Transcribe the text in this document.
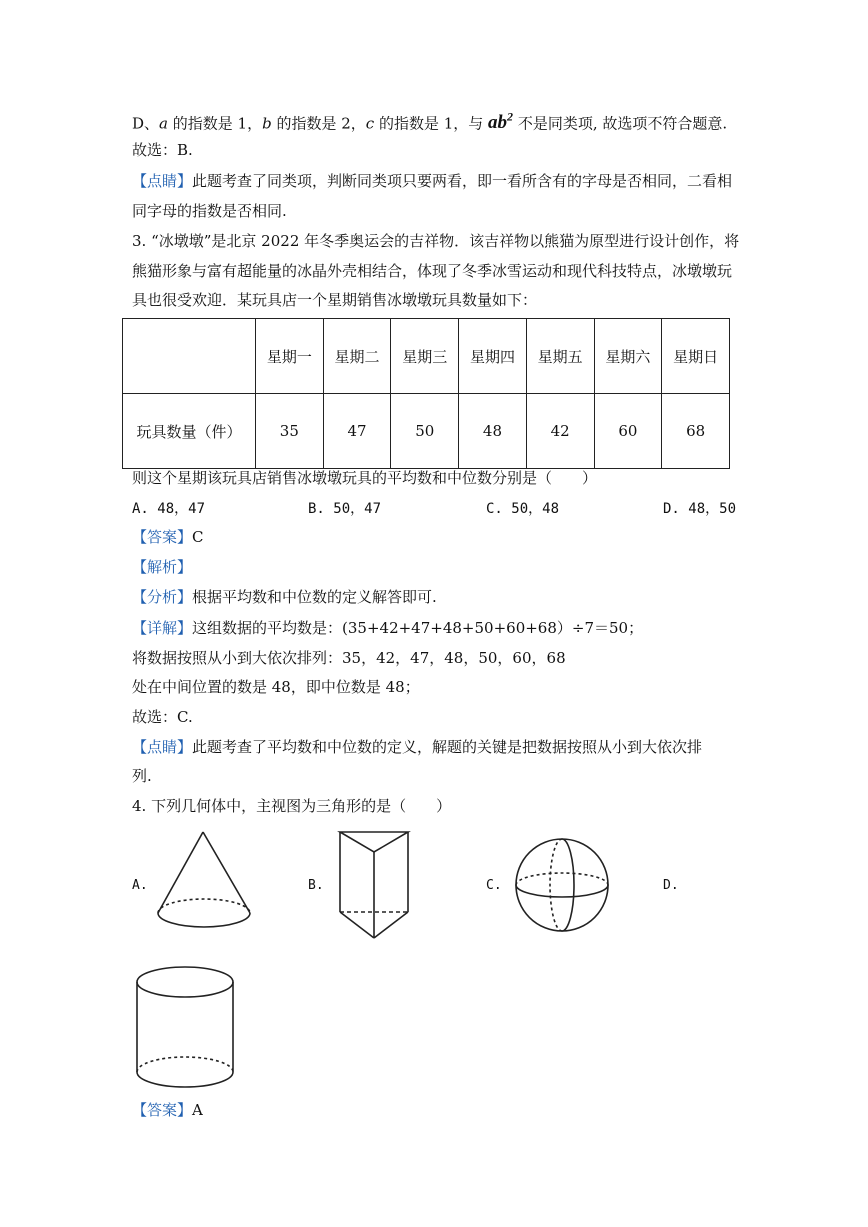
D、a 的指数是 1，b 的指数是 2，c 的指数是 1，与 $ab^2$ 不是同类项, 故选项不符合题意.
故选：B.
【点睛】此题考查了同类项，判断同类项只要两看，即一看所含有的字母是否相同，二看相
同字母的指数是否相同.
3. “冰墩墩”是北京 2022 年冬季奥运会的吉祥物．该吉祥物以熊猫为原型进行设计创作，将
熊猫形象与富有超能量的冰晶外壳相结合，体现了冬季冰雪运动和现代科技特点，冰墩墩玩
具也很受欢迎．某玩具店一个星期销售冰墩墩玩具数量如下：
	星期一	星期二	星期三	星期四	星期五	星期六	星期日
玩具数量（件）	35	47	50	48	42	60	68
则这个星期该玩具店销售冰墩墩玩具的平均数和中位数分别是（　　）
A. 48，47	B. 50，47	C. 50，48	D. 48，50
【答案】C
【解析】
【分析】根据平均数和中位数的定义解答即可.
【详解】这组数据的平均数是：(35+42+47+48+50+60+68）÷7＝50；
将数据按照从小到大依次排列：35，42，47，48，50，60，68
处在中间位置的数是 48，即中位数是 48；
故选：C.
【点睛】此题考查了平均数和中位数的定义，解题的关键是把数据按照从小到大依次排
列.
4. 下列几何体中，主视图为三角形的是（　　）
A.	B.	C.	D.
【答案】A
